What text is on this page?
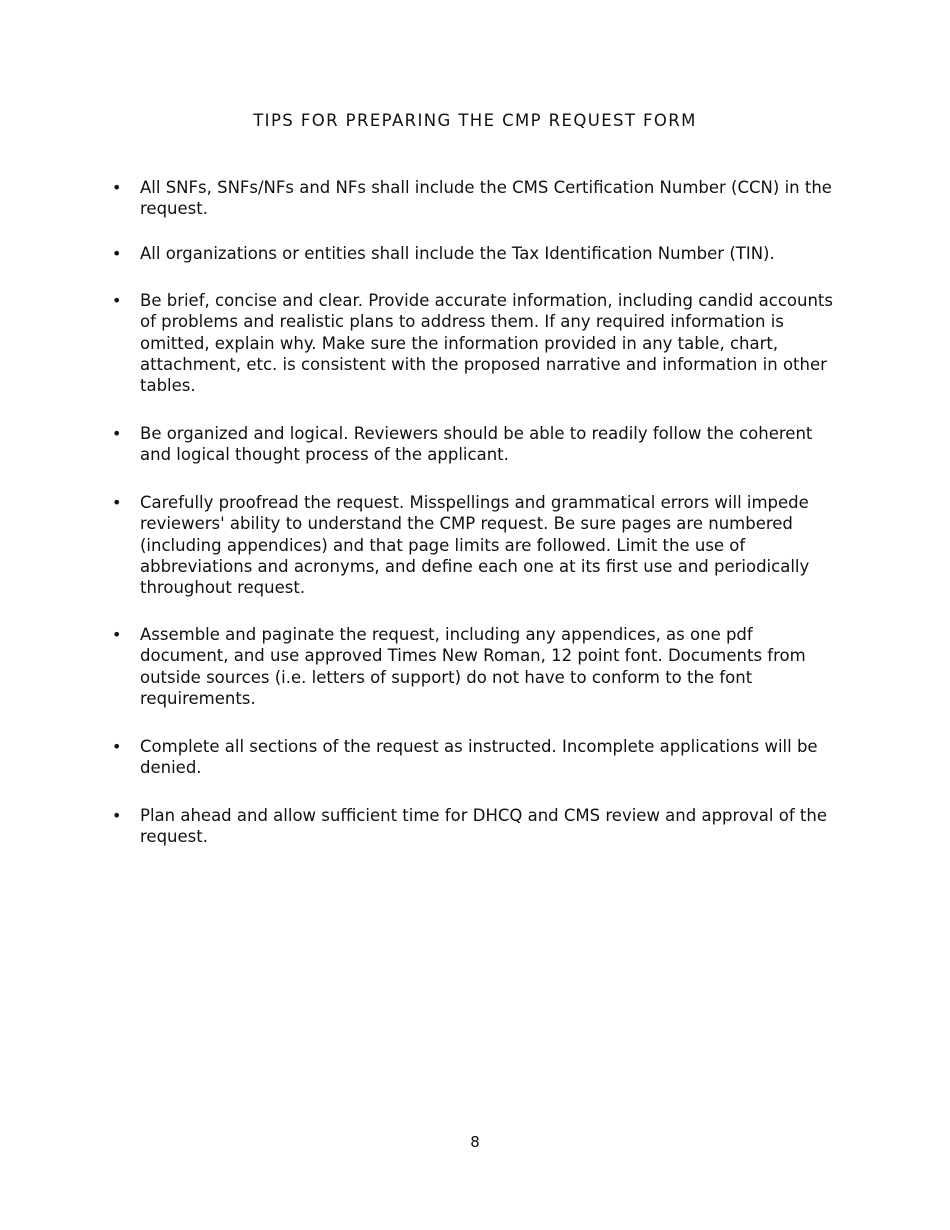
TIPS FOR PREPARING THE CMP REQUEST FORM
• All SNFs, SNFs/NFs and NFs shall include the CMS Certification Number (CCN) in the request.
• All organizations or entities shall include the Tax Identification Number (TIN).
• Be brief, concise and clear. Provide accurate information, including candid accounts of problems and realistic plans to address them. If any required information is omitted, explain why. Make sure the information provided in any table, chart, attachment, etc. is consistent with the proposed narrative and information in other tables.
• Be organized and logical. Reviewers should be able to readily follow the coherent and logical thought process of the applicant.
• Carefully proofread the request. Misspellings and grammatical errors will impede reviewers' ability to understand the CMP request. Be sure pages are numbered (including appendices) and that page limits are followed. Limit the use of abbreviations and acronyms, and define each one at its first use and periodically throughout request.
• Assemble and paginate the request, including any appendices, as one pdf document, and use approved Times New Roman, 12 point font. Documents from outside sources (i.e. letters of support) do not have to conform to the font requirements.
• Complete all sections of the request as instructed. Incomplete applications will be denied.
• Plan ahead and allow sufficient time for DHCQ and CMS review and approval of the request.
8
